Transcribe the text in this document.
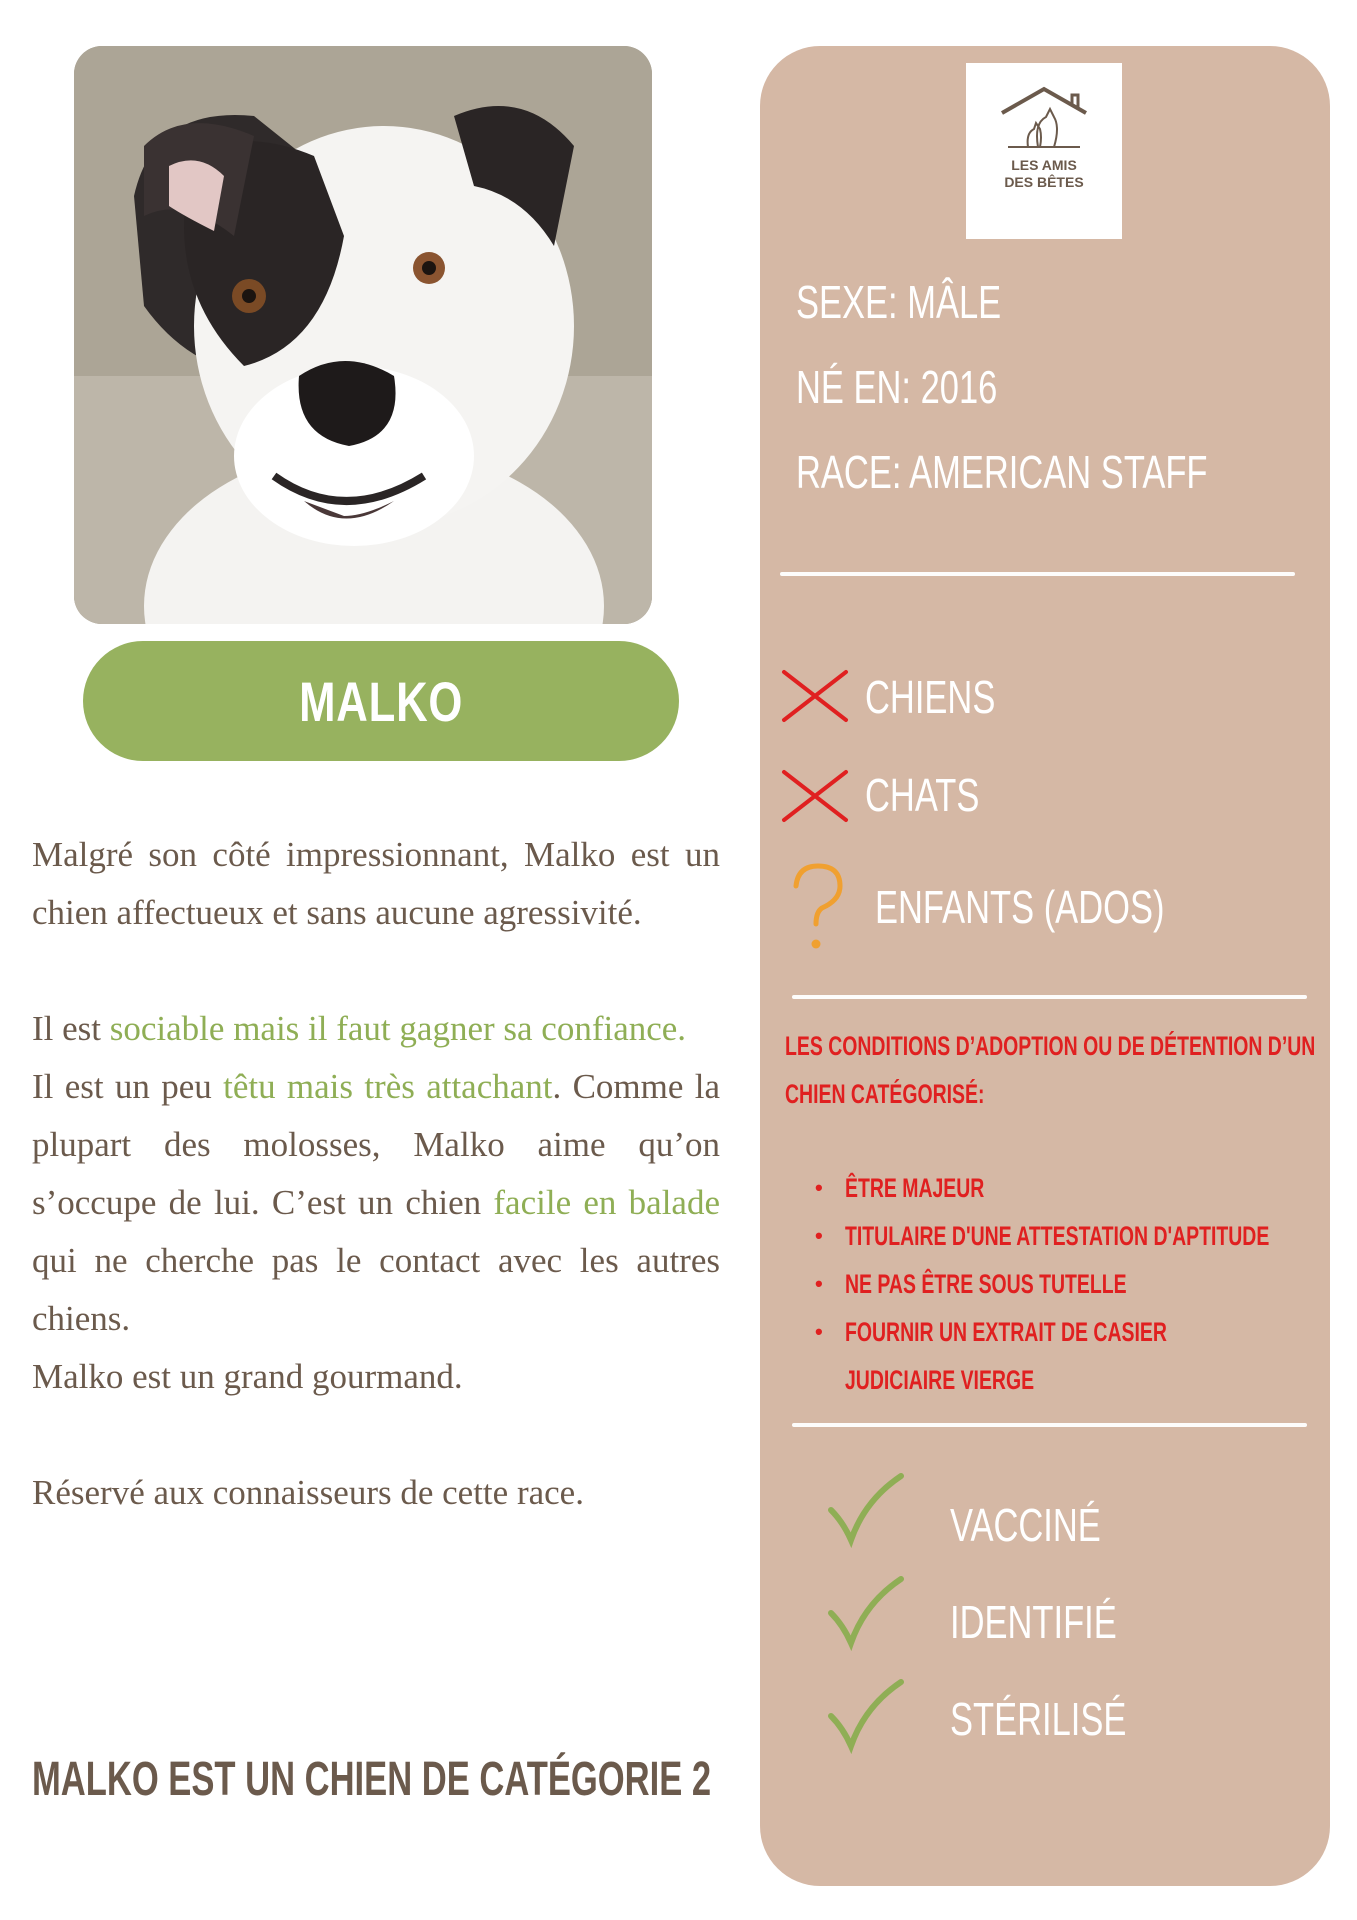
MALKO

Malgré son côté impressionnant, Malko est un chien affectueux et sans aucune agressivité.

Il est sociable mais il faut gagner sa confiance.

Il est un peu têtu mais très attachant. Comme la plupart des molosses, Malko aime qu’on s’occupe de lui. C’est un chien facile en balade qui ne cherche pas le contact avec les autres chiens.

Malko est un grand gourmand.

Réservé aux connaisseurs de cette race.

MALKO EST UN CHIEN DE CATÉGORIE 2
LES AMIS
DES BÊTES
SEXE: MÂLE
NÉ EN: 2016
RACE: AMERICAN STAFF
CHIENS
CHATS
ENFANTS (ADOS)
LES CONDITIONS D’ADOPTION OU DE DÉTENTION D’UN CHIEN CATÉGORISÉ:
• ÊTRE MAJEUR
• TITULAIRE D'UNE ATTESTATION D'APTITUDE
• NE PAS ÊTRE SOUS TUTELLE
• FOURNIR UN EXTRAIT DE CASIER JUDICIAIRE VIERGE
VACCINÉ
IDENTIFIÉ
STÉRILISÉ
